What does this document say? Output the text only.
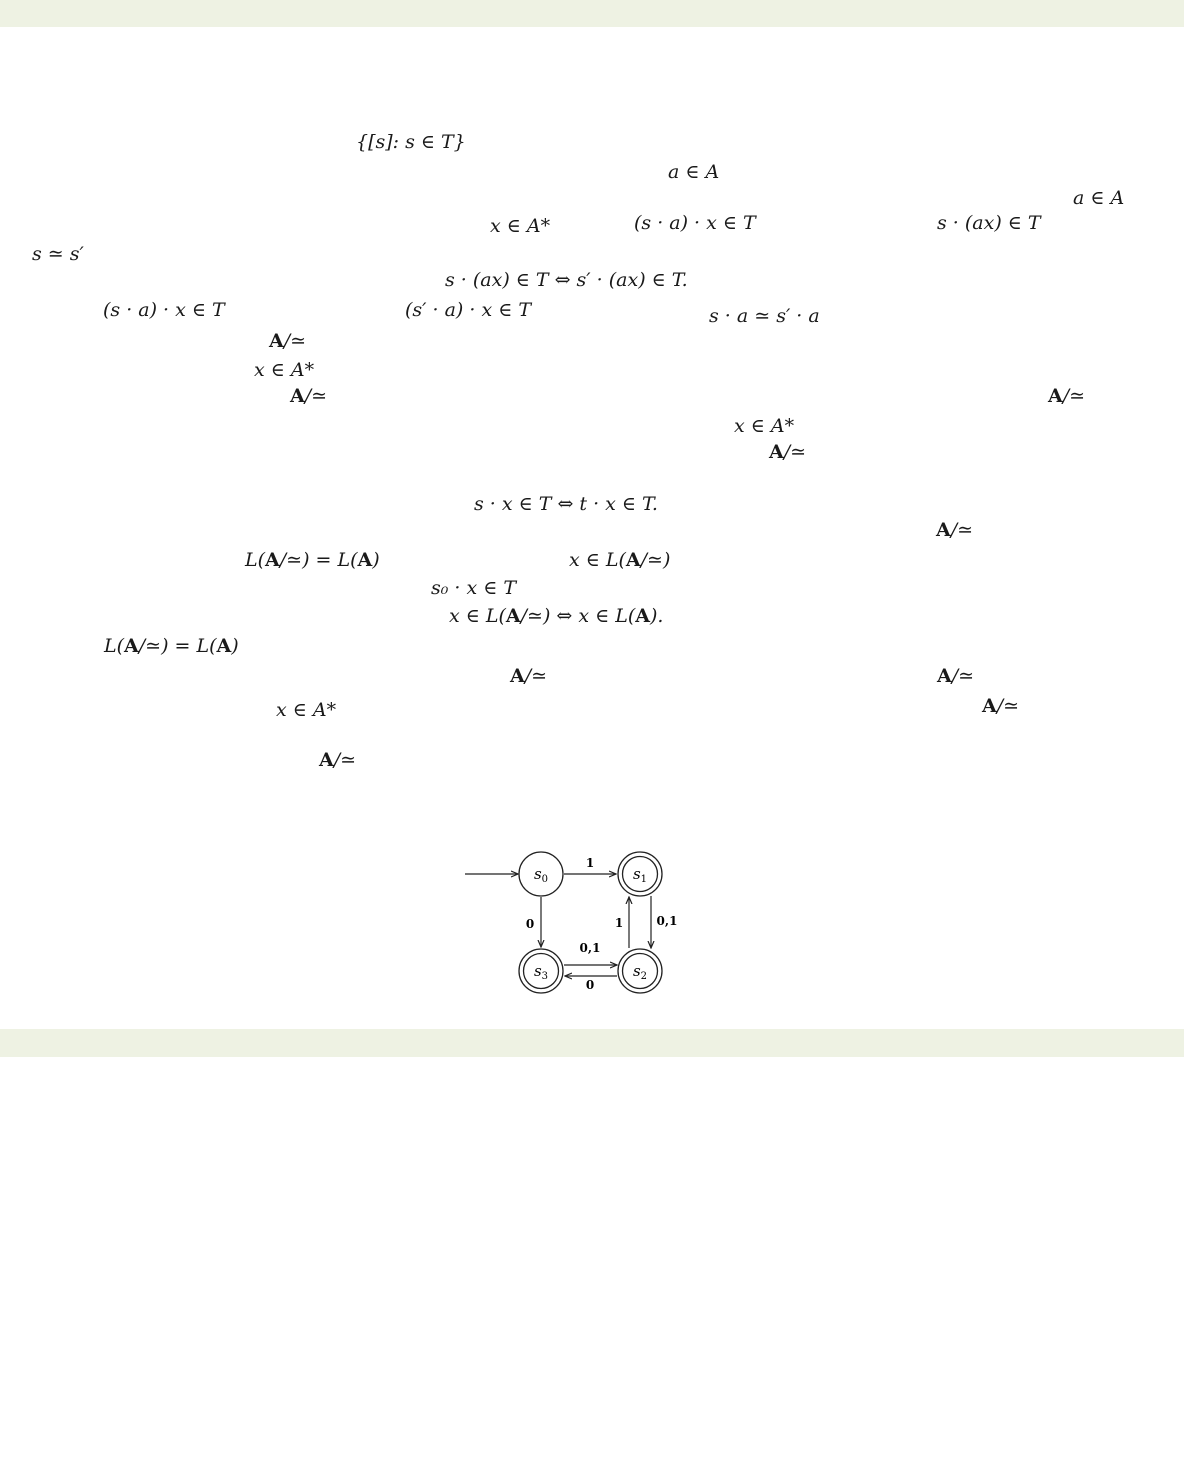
{[s]: s ∈ T}
a ∈ A
a ∈ A
x ∈ A*	(s · a) · x ∈ T	s · (ax) ∈ T
s ≃ s′
s · (ax) ∈ T ⇔ s′ · (ax) ∈ T.
(s · a) · x ∈ T	(s′ · a) · x ∈ T	s · a ≃ s′ · a
A/≃
x ∈ A*
A/≃	A/≃
x ∈ A*
A/≃
s · x ∈ T ⇔ t · x ∈ T.
A/≃
L(A/≃) = L(A)	x ∈ L(A/≃)
s₀ · x ∈ T
x ∈ L(A/≃) ⇔ x ∈ L(A).
L(A/≃) = L(A)
A/≃	A/≃
x ∈ A*	A/≃
A/≃
$s_0$	$s_1$
$s_2$
$s_3$
1
0	0,1
1
0,1
0
